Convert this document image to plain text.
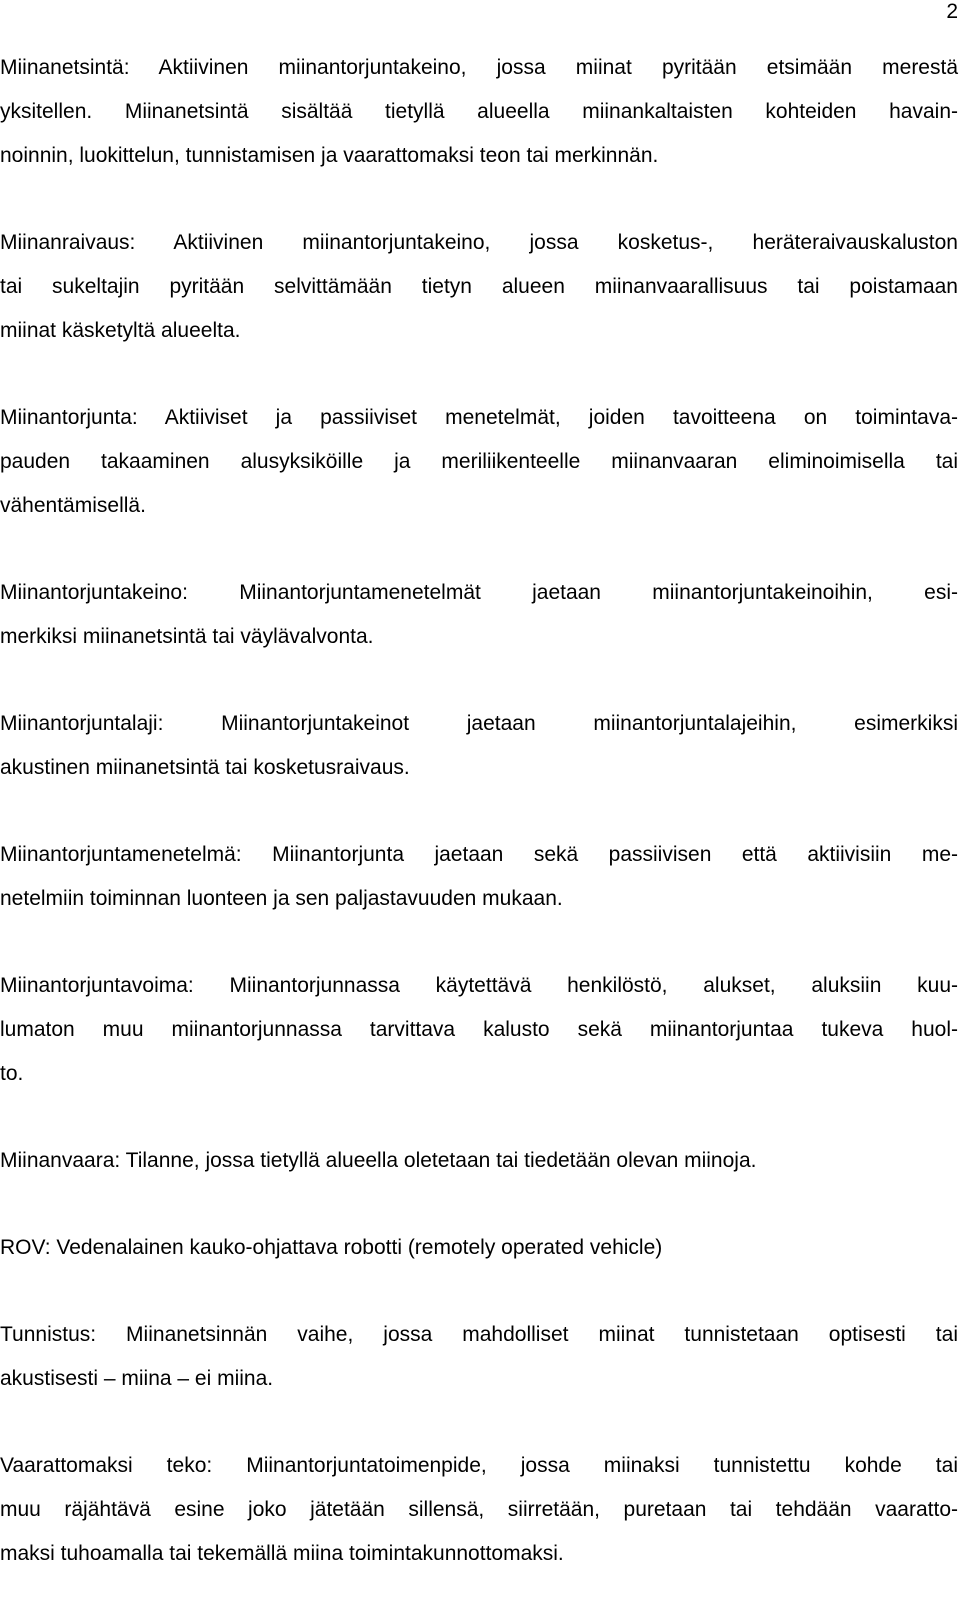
2
Miinanetsintä: Aktiivinen miinantorjuntakeino, jossa miinat pyritään etsimään merestä
yksitellen. Miinanetsintä sisältää tietyllä alueella miinankaltaisten kohteiden havain-
noinnin, luokittelun, tunnistamisen ja vaarattomaksi teon tai merkinnän.
Miinanraivaus: Aktiivinen miinantorjuntakeino, jossa kosketus-, heräteraivauskaluston
tai sukeltajin pyritään selvittämään tietyn alueen miinanvaarallisuus tai poistamaan
miinat käsketyltä alueelta.
Miinantorjunta: Aktiiviset ja passiiviset menetelmät, joiden tavoitteena on toimintava-
pauden takaaminen alusyksiköille ja meriliikenteelle miinanvaaran eliminoimisella tai
vähentämisellä.
Miinantorjuntakeino: Miinantorjuntamenetelmät jaetaan miinantorjuntakeinoihin, esi-
merkiksi miinanetsintä tai väylävalvonta.
Miinantorjuntalaji: Miinantorjuntakeinot jaetaan miinantorjuntalajeihin, esimerkiksi
akustinen miinanetsintä tai kosketusraivaus.
Miinantorjuntamenetelmä: Miinantorjunta jaetaan sekä passiivisen että aktiivisiin me-
netelmiin toiminnan luonteen ja sen paljastavuuden mukaan.
Miinantorjuntavoima: Miinantorjunnassa käytettävä henkilöstö, alukset, aluksiin kuu-
lumaton muu miinantorjunnassa tarvittava kalusto sekä miinantorjuntaa tukeva huol-
to.
Miinanvaara: Tilanne, jossa tietyllä alueella oletetaan tai tiedetään olevan miinoja.
ROV: Vedenalainen kauko-ohjattava robotti (remotely operated vehicle)
Tunnistus: Miinanetsinnän vaihe, jossa mahdolliset miinat tunnistetaan optisesti tai
akustisesti – miina – ei miina.
Vaarattomaksi teko: Miinantorjuntatoimenpide, jossa miinaksi tunnistettu kohde tai
muu räjähtävä esine joko jätetään sillensä, siirretään, puretaan tai tehdään vaaratto-
maksi tuhoamalla tai tekemällä miina toimintakunnottomaksi.
